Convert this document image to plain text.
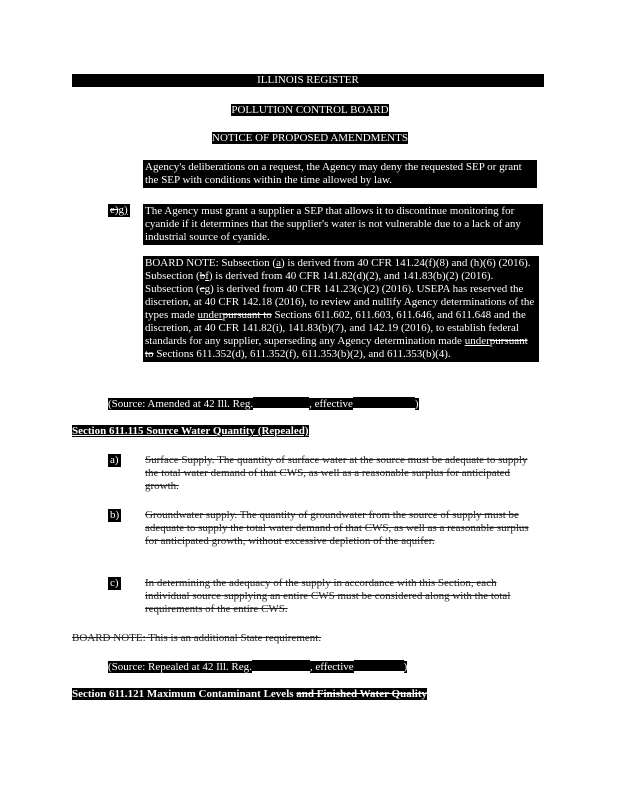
ILLINOIS REGISTER
POLLUTION CONTROL BOARD
NOTICE OF PROPOSED AMENDMENTS
Agency's deliberations on a request, the Agency may deny the requested SEP or grant the SEP with conditions within the time allowed by law.
e)g) The Agency must grant a supplier a SEP that allows it to discontinue monitoring for cyanide if it determines that the supplier's water is not vulnerable due to a lack of any industrial source of cyanide.
BOARD NOTE: Subsection (a) is derived from 40 CFR 141.24(f)(8) and (h)(6) (2016). Subsection (bf) is derived from 40 CFR 141.82(d)(2), and 141.83(b)(2) (2016). Subsection (cg) is derived from 40 CFR 141.23(c)(2) (2016). USEPA has reserved the discretion, at 40 CFR 142.18 (2016), to review and nullify Agency determinations of the types made underpursuant to Sections 611.602, 611.603, 611.646, and 611.648 and the discretion, at 40 CFR 141.82(i), 141.83(b)(7), and 142.19 (2016), to establish federal standards for any supplier, superseding any Agency determination made underpursuant to Sections 611.352(d), 611.352(f), 611.353(b)(2), and 611.353(b)(4).
(Source: Amended at 42 Ill. Reg.	, effective	)
Section 611.115 Source Water Quantity (Repealed)
a) Surface Supply. The quantity of surface water at the source must be adequate to supply the total water demand of that CWS, as well as a reasonable surplus for anticipated growth.
b) Groundwater supply. The quantity of groundwater from the source of supply must be adequate to supply the total water demand of that CWS, as well as a reasonable surplus for anticipated growth, without excessive depletion of the aquifer.
c) In determining the adequacy of the supply in accordance with this Section, each individual source supplying an entire CWS must be considered along with the total requirements of the entire CWS.
BOARD NOTE: This is an additional State requirement.
(Source: Repealed at 42 Ill. Reg.	, effective	)
Section 611.121 Maximum Contaminant Levels and Finished Water Quality
